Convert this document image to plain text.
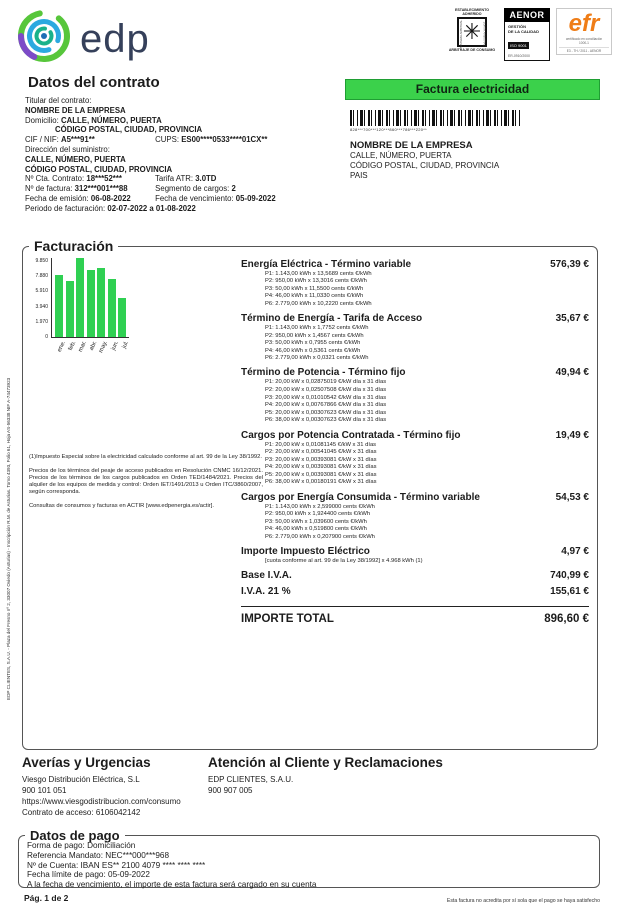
edp
ESTABLECIMIENTO ADHERIDO
SISTEMA ARBITRAL	JUNTA ARBITRAL
✳
ARBITRAJE DE CONSUMO
AENOR
GESTIÓN
DE LA CALIDAD
ISO 9001
ER-0910/2000
efr
certificado en conciliación
1000-1
E3 - TH / 2011 - AENOR
Datos del contrato	Factura electricidad
Titular del contrato:
NOMBRE DE LA EMPRESA
Domicilio: CALLE, NÚMERO, PUERTA
CÓDIGO POSTAL, CIUDAD, PROVINCIA
CIF / NIF: A5***91**	CUPS: ES00****0533****01CX**
Dirección del suministro:
CALLE, NÚMERO, PUERTA
CÓDIGO POSTAL, CIUDAD, PROVINCIA
Nº Cta. Contrato: 18***52***	Tarifa ATR: 3.0TD
Nº de factura: 312***001***88	Segmento de cargos: 2
Fecha de emisión: 06-08-2022	Fecha de vencimiento: 05-09-2022
Periodo de facturación: 02-07-2022 a 01-08-2022
828***700***120***860***786***220**
NOMBRE DE LA EMPRESA
CALLE, NÚMERO, PUERTA
CÓDIGO POSTAL, CIUDAD, PROVINCIA
PAIS
Facturación
9.850
7.880
5.910
3.940
1.970
0
ene. feb. mar. abr. may. jun. jul.
Energía Eléctrica - Término variable	576,39 €
P1: 1.143,00 kWh x 13,5689 cents €/kWh
P2: 950,00 kWh x 13,3016 cents €/kWh
P3: 50,00 kWh x 11,5500 cents €/kWh
P4: 46,00 kWh x 11,0330 cents €/kWh
P6: 2.779,00 kWh x 10,2220 cents €/kWh
Término de Energía - Tarifa de Acceso	35,67 €
P1: 1.143,00 kWh x 1,7752 cents €/kWh
P2: 950,00 kWh x 1,4567 cents €/kWh
P3: 50,00 kWh x 0,7955 cents €/kWh
P4: 46,00 kWh x 0,5361 cents €/kWh
P6: 2.779,00 kWh x 0,0321 cents €/kWh
Término de Potencia - Término fijo	49,94 €
P1: 20,00 kW x 0,02875019 €/kW día x 31 días
P2: 20,00 kW x 0,02507508 €/kW día x 31 días
P3: 20,00 kW x 0,01010542 €/kW día x 31 días
P4: 20,00 kW x 0,00767866 €/kW día x 31 días
P5: 20,00 kW x 0,00307623 €/kW día x 31 días
P6: 38,00 kW x 0,00307623 €/kW día x 31 días
Cargos por Potencia Contratada - Término fijo	19,49 €
P1: 20,00 kW x 0,01081145 €/kW x 31 días
P2: 20,00 kW x 0,00541045 €/kW x 31 días
P3: 20,00 kW x 0,00393081 €/kW x 31 días
P4: 20,00 kW x 0,00393081 €/kW x 31 días
P5: 20,00 kW x 0,00393081 €/kW x 31 días
P6: 38,00 kW x 0,00180191 €/kW x 31 días
Cargos por Energía Consumida - Término variable	54,53 €
P1: 1.143,00 kWh x 2,599000 cents €/kWh
P2: 950,00 kWh x 1,924400 cents €/kWh
P3: 50,00 kWh x 1,039600 cents €/kWh
P4: 46,00 kWh x 0,519800 cents €/kWh
P6: 2.779,00 kWh x 0,207900 cents €/kWh
Importe Impuesto Eléctrico	4,97 €
[cuota conforme al art. 99 de la Ley 38/1992] x 4.968 kWh (1)
Base I.V.A.	740,99 €
I.V.A. 21 %	155,61 €
IMPORTE TOTAL	896,60 €

(1)Impuesto Especial sobre la electricidad calculado conforme al art. 99 de la Ley 38/1992.

Precios de los términos del peaje de acceso publicados en Resolución CNMC 16/12/2021. Precios de los términos de los cargos publicados en Orden TED/1484/2021. Precios del alquiler de los equipos de medida y control: Orden IET/1491/2013 u Orden ITC/3860/2007, según corresponda.

Consultas de consumos y facturas en ACTIR [www.edpenergia.es/actir].

EDP CLIENTES, S.A.U. - Plaza del Fresno nº 2, 33007 Oviedo (Asturias) - Inscripción R.M. de Asturias. Tomo 4393, Folio 61, Hoja AS-56338 NIF A-74473923
Averías y Urgencias
Viesgo Distribución Eléctrica, S.L
900 101 051
https://www.viesgodistribucion.com/consumo
Contrato de acceso: 6106042142
Atención al Cliente y Reclamaciones
EDP CLIENTES, S.A.U.
900 907 005
Datos de pago
Forma de pago: Domiciliación
Referencia Mandato: NEC***000***968
Nº de Cuenta: IBAN ES** 2100 4079 **** **** ****
Fecha límite de pago: 05-09-2022
A la fecha de vencimiento, el importe de esta factura será cargado en su cuenta
Pág. 1 de 2	Esta factura no acredita por sí sola que el pago se haya satisfecho
